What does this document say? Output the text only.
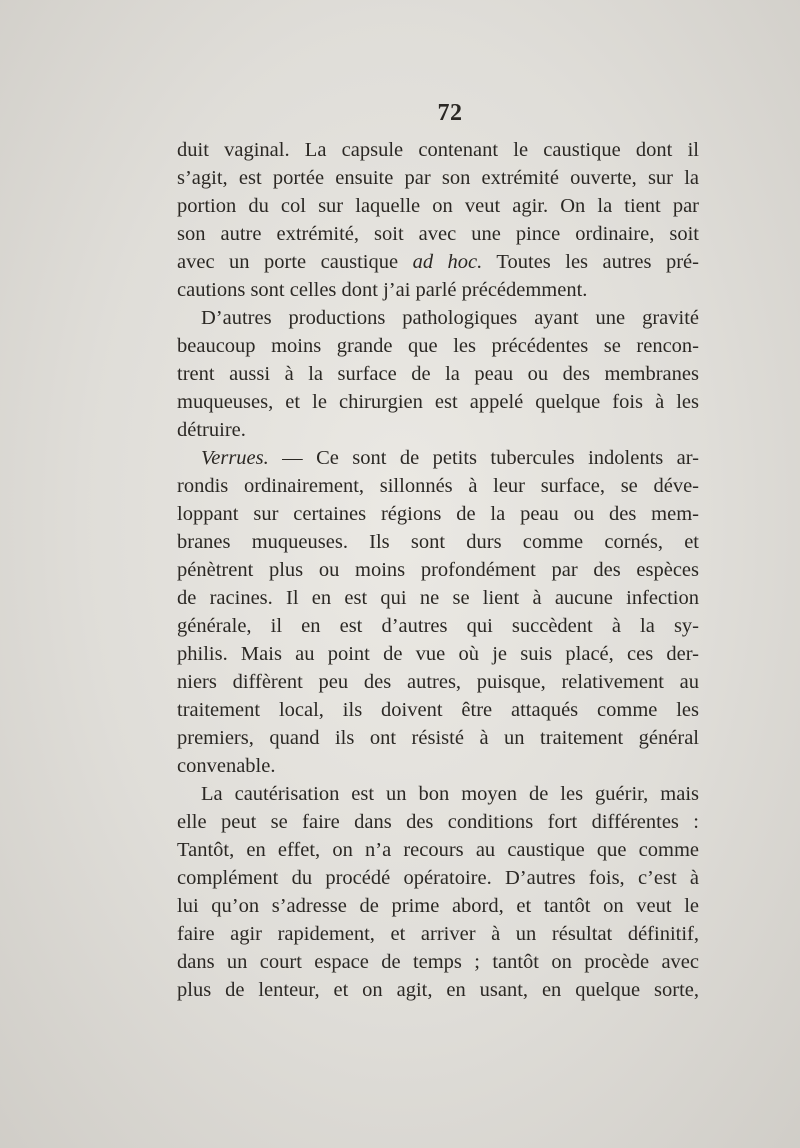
72
duit vaginal. La capsule contenant le caustique dont il
s’agit, est portée ensuite par son extrémité ouverte, sur la
portion du col sur laquelle on veut agir. On la tient par
son autre extrémité, soit avec une pince ordinaire, soit
avec un porte caustique ad hoc. Toutes les autres pré-
cautions sont celles dont j’ai parlé précédemment.
D’autres productions pathologiques ayant une gravité
beaucoup moins grande que les précédentes se rencon-
trent aussi à la surface de la peau ou des membranes
muqueuses, et le chirurgien est appelé quelque fois à les
détruire.
Verrues. — Ce sont de petits tubercules indolents ar-
rondis ordinairement, sillonnés à leur surface, se déve-
loppant sur certaines régions de la peau ou des mem-
branes muqueuses. Ils sont durs comme cornés, et
pénètrent plus ou moins profondément par des espèces
de racines. Il en est qui ne se lient à aucune infection
générale, il en est d’autres qui succèdent à la sy-
philis. Mais au point de vue où je suis placé, ces der-
niers diffèrent peu des autres, puisque, relativement au
traitement local, ils doivent être attaqués comme les
premiers, quand ils ont résisté à un traitement général
convenable.
La cautérisation est un bon moyen de les guérir, mais
elle peut se faire dans des conditions fort différentes :
Tantôt, en effet, on n’a recours au caustique que comme
complément du procédé opératoire. D’autres fois, c’est à
lui qu’on s’adresse de prime abord, et tantôt on veut le
faire agir rapidement, et arriver à un résultat définitif,
dans un court espace de temps ; tantôt on procède avec
plus de lenteur, et on agit, en usant, en quelque sorte,
